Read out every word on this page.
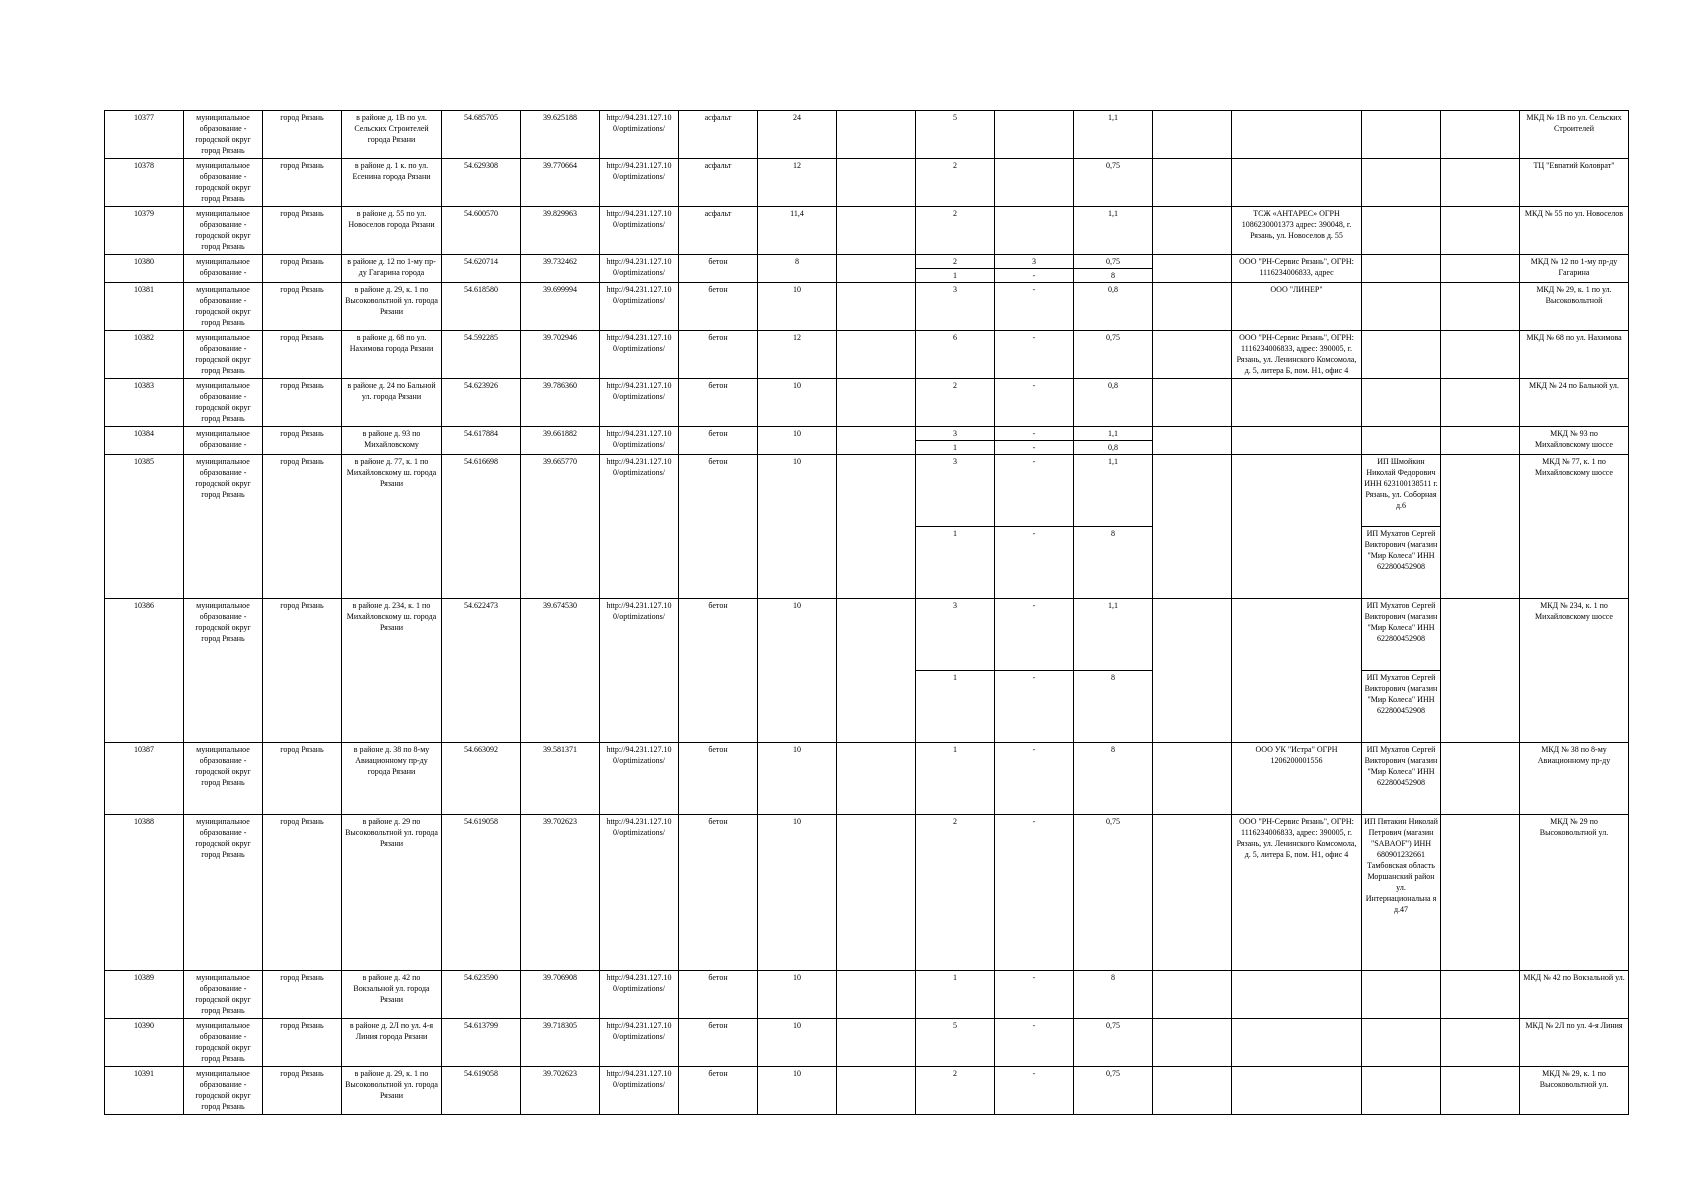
10377	муниципальное образование - городской округ город Рязань	город Рязань	в районе д. 1В по ул. Сельских Строителей города Рязани	54.685705	39.625188	http://94.231.127.10 0/optimizations/	асфальт	24		5		1,1					МКД № 1В по ул. Сельских Строителей
10378	муниципальное образование - городской округ город Рязань	город Рязань	в районе д. 1 к. по ул. Есенина города Рязани	54.629308	39.770664	http://94.231.127.10 0/optimizations/	асфальт	12		2		0,75					ТЦ "Евпатий Коловрат"
10379	муниципальное образование - городской округ город Рязань	город Рязань	в районе д. 55 по ул. Новоселов города Рязани	54.600570	39.829963	http://94.231.127.10 0/optimizations/	асфальт	11,4		2		1,1		ТСЖ «АНТАРЕС» ОГРН 1086230001373 адрес: 390048, г. Рязань, ул. Новоселов д. 55			МКД № 55 по ул. Новоселов
10380	муниципальное образование -	город Рязань	в районе д. 12 по 1-му пр-ду Гагарина города	54.620714	39.732462	http://94.231.127.10 0/optimizations/	бетон	8		2	3	0,75		ООО "РН-Сервис Рязань", ОГРН: 1116234006833, адрес			МКД № 12 по 1-му пр-ду Гагарина
										1	-	8					
10381	муниципальное образование - городской округ город Рязань	город Рязань	в районе д. 29, к. 1 по Высоковольтной ул. города Рязани	54.618580	39.699994	http://94.231.127.10 0/optimizations/	бетон	10		3	-	0,8		ООО "ЛИНЕР"			МКД № 29, к. 1 по ул. Высоковольтной
10382	муниципальное образование - городской округ город Рязань	город Рязань	в районе д. 68 по ул. Нахимова города Рязани	54.592285	39.702946	http://94.231.127.10 0/optimizations/	бетон	12		6	-	0,75		ООО "РН-Сервис Рязань", ОГРН: 1116234006833, адрес: 390005, г. Рязань, ул. Ленинского Комсомола, д. 5, литера Б, пом. Н1, офис 4			МКД № 68 по ул. Нахимова
10383	муниципальное образование - городской округ город Рязань	город Рязань	в районе д. 24 по Бальной ул. города Рязани	54.623926	39.786360	http://94.231.127.10 0/optimizations/	бетон	10		2	-	0,8					МКД № 24 по Бальной ул.
10384	муниципальное образование -	город Рязань	в районе д. 93 по Михайловскому	54.617884	39.661882	http://94.231.127.10 0/optimizations/	бетон	10		3	-	1,1					МКД № 93 по Михайловскому шоссе
										1	-	0,8					
10385	муниципальное образование - городской округ город Рязань	город Рязань	в районе д. 77, к. 1 по Михайловскому ш. города Рязани	54.616698	39.665770	http://94.231.127.10 0/optimizations/	бетон	10		3	-	1,1			ИП Шмойкин Николай Федорович ИНН 623100138511 г. Рязань, ул. Соборная д.6		МКД № 77, к. 1 по Михайловскому шоссе
										1	-	8			ИП Мухатов Сергей Викторович (магазин "Мир Колеса" ИНН 622800452908		
10386	муниципальное образование - городской округ город Рязань	город Рязань	в районе д. 234, к. 1 по Михайловскому ш. города Рязани	54.622473	39.674530	http://94.231.127.10 0/optimizations/	бетон	10		3	-	1,1			ИП Мухатов Сергей Викторович (магазин "Мир Колеса" ИНН 622800452908		МКД № 234, к. 1 по Михайловскому шоссе
										1	-	8			ИП Мухатов Сергей Викторович (магазин "Мир Колеса" ИНН 622800452908		
10387	муниципальное образование - городской округ город Рязань	город Рязань	в районе д. 38 по 8-му Авиационному пр-ду города Рязани	54.663092	39.581371	http://94.231.127.10 0/optimizations/	бетон	10		1	-	8		ООО УК "Истра" ОГРН 1206200001556	ИП Мухатов Сергей Викторович (магазин "Мир Колеса" ИНН 622800452908		МКД № 38 по 8-му Авиационному пр-ду
10388	муниципальное образование - городской округ город Рязань	город Рязань	в районе д. 29 по Высоковольтной ул. города Рязани	54.619058	39.702623	http://94.231.127.10 0/optimizations/	бетон	10		2	-	0,75		ООО "РН-Сервис Рязань", ОГРН: 1116234006833, адрес: 390005, г. Рязань, ул. Ленинского Комсомола, д. 5, литера Б, пом. Н1, офис 4	ИП Пятакин Николай Петрович (магазин "SABAOF") ИНН 680901232661 Тамбовская область Моршанский район ул. Интернациональна я д.47		МКД № 29 по Высоковольтной ул.
10389	муниципальное образование - городской округ город Рязань	город Рязань	в районе д. 42 по Вокзальной ул. города Рязани	54.623590	39.706908	http://94.231.127.10 0/optimizations/	бетон	10		1	-	8					МКД № 42 по Вокзальной ул.
10390	муниципальное образование - городской округ город Рязань	город Рязань	в районе д. 2Л по ул. 4-я Линия города Рязани	54.613799	39.718305	http://94.231.127.10 0/optimizations/	бетон	10		5	-	0,75					МКД № 2Л по ул. 4-я Линия
10391	муниципальное образование - городской округ город Рязань	город Рязань	в районе д. 29, к. 1 по Высоковольтной ул. города Рязани	54.619058	39.702623	http://94.231.127.10 0/optimizations/	бетон	10		2	-	0,75					МКД № 29, к. 1 по Высоковольтной ул.
